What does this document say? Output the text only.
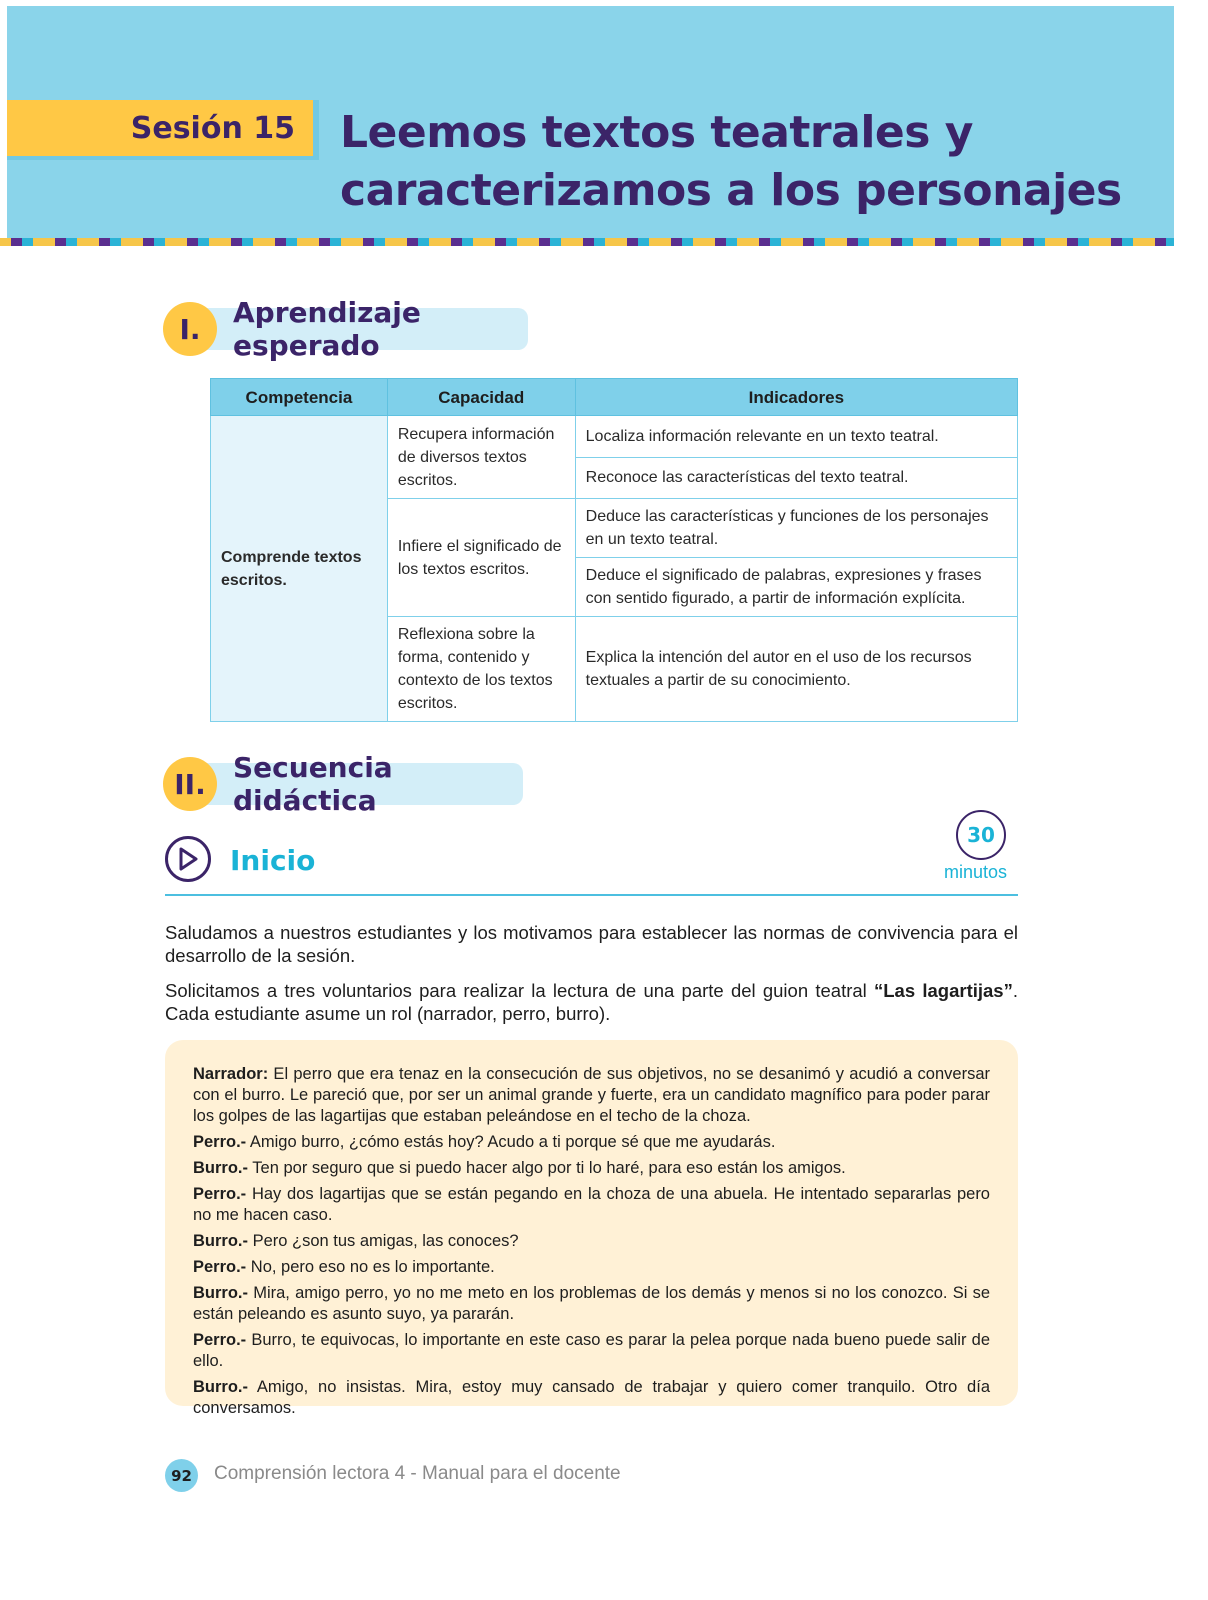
Sesión 15 Leemos textos teatrales y
caracterizamos a los personajes
Aprendizaje esperado
I.
Competencia	Capacidad	Indicadores
Comprende textos escritos.	Recupera información de diversos textos escritos.	Localiza información relevante en un texto teatral.
		Reconoce las características del texto teatral.
	Infiere el significado de los textos escritos.	Deduce las características y funciones de los personajes en un texto teatral.
		Deduce el significado de palabras, expresiones y frases con sentido figurado, a partir de información explícita.
	Reflexiona sobre la forma, contenido y contexto de los textos escritos.	Explica la intención del autor en el uso de los recursos textuales a partir de su conocimiento.
Secuencia didáctica
II.
Inicio
30
minutos

Saludamos a nuestros estudiantes y los motivamos para establecer las normas de convivencia para el desarrollo de la sesión.

Solicitamos a tres voluntarios para realizar la lectura de una parte del guion teatral “Las lagartijas”. Cada estudiante asume un rol (narrador, perro, burro).

Narrador: El perro que era tenaz en la consecución de sus objetivos, no se desanimó y acudió a conversar con el burro. Le pareció que, por ser un animal grande y fuerte, era un candidato magnífico para poder parar los golpes de las lagartijas que estaban peleándose en el techo de la choza.

Perro.- Amigo burro, ¿cómo estás hoy? Acudo a ti porque sé que me ayudarás.

Burro.- Ten por seguro que si puedo hacer algo por ti lo haré, para eso están los amigos.

Perro.- Hay dos lagartijas que se están pegando en la choza de una abuela. He intentado separarlas pero no me hacen caso.

Burro.- Pero ¿son tus amigas, las conoces?

Perro.- No, pero eso no es lo importante.

Burro.- Mira, amigo perro, yo no me meto en los problemas de los demás y menos si no los conozco. Si se están peleando es asunto suyo, ya pararán.

Perro.- Burro, te equivocas, lo importante en este caso es parar la pelea porque nada bueno puede salir de ello.

Burro.- Amigo, no insistas. Mira, estoy muy cansado de trabajar y quiero comer tranquilo. Otro día conversamos.

92	Comprensión lectora 4 - Manual para el docente
